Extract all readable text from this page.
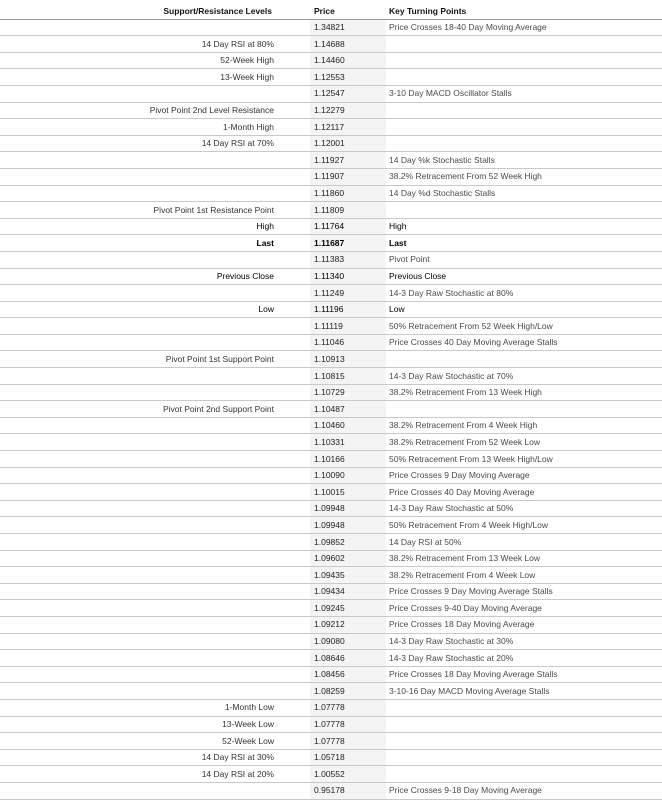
Support/Resistance Levels	Price	Key Turning Points
	1.34821	Price Crosses 18-40 Day Moving Average
14 Day RSI at 80%	1.14688	
52-Week High	1.14460	
13-Week High	1.12553	
	1.12547	3-10 Day MACD Oscillator Stalls
Pivot Point 2nd Level Resistance	1.12279	
1-Month High	1.12117	
14 Day RSI at 70%	1.12001	
	1.11927	14 Day %k Stochastic Stalls
	1.11907	38.2% Retracement From 52 Week High
	1.11860	14 Day %d Stochastic Stalls
Pivot Point 1st Resistance Point	1.11809	
High	1.11764	High
Last	1.11687	Last
	1.11383	Pivot Point
Previous Close	1.11340	Previous Close
	1.11249	14-3 Day Raw Stochastic at 80%
Low	1.11196	Low
	1.11119	50% Retracement From 52 Week High/Low
	1.11046	Price Crosses 40 Day Moving Average Stalls
Pivot Point 1st Support Point	1.10913	
	1.10815	14-3 Day Raw Stochastic at 70%
	1.10729	38.2% Retracement From 13 Week High
Pivot Point 2nd Support Point	1.10487	
	1.10460	38.2% Retracement From 4 Week High
	1.10331	38.2% Retracement From 52 Week Low
	1.10166	50% Retracement From 13 Week High/Low
	1.10090	Price Crosses 9 Day Moving Average
	1.10015	Price Crosses 40 Day Moving Average
	1.09948	14-3 Day Raw Stochastic at 50%
	1.09948	50% Retracement From 4 Week High/Low
	1.09852	14 Day RSI at 50%
	1.09602	38.2% Retracement From 13 Week Low
	1.09435	38.2% Retracement From 4 Week Low
	1.09434	Price Crosses 9 Day Moving Average Stalls
	1.09245	Price Crosses 9-40 Day Moving Average
	1.09212	Price Crosses 18 Day Moving Average
	1.09080	14-3 Day Raw Stochastic at 30%
	1.08646	14-3 Day Raw Stochastic at 20%
	1.08456	Price Crosses 18 Day Moving Average Stalls
	1.08259	3-10-16 Day MACD Moving Average Stalls
1-Month Low	1.07778	
13-Week Low	1.07778	
52-Week Low	1.07778	
14 Day RSI at 30%	1.05718	
14 Day RSI at 20%	1.00552	
	0.95178	Price Crosses 9-18 Day Moving Average
